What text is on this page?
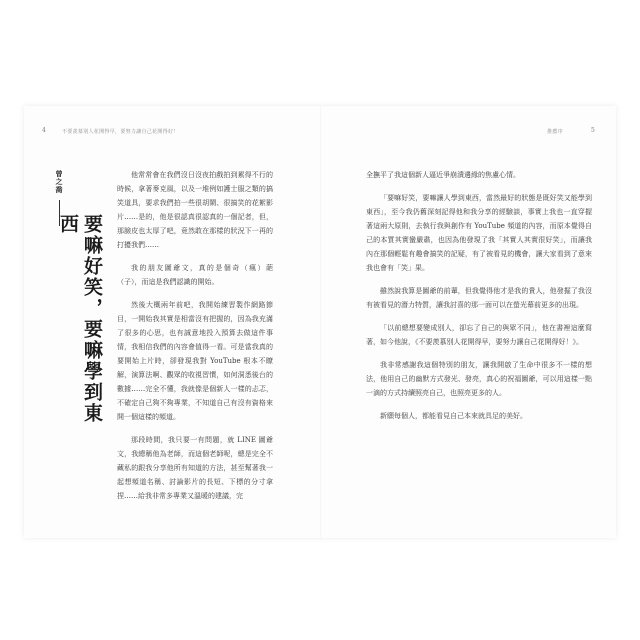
4	不要羨慕別人花開得早，要努力讓自己花開得好！
曾之喬
要嘛好笑，要嘛學到東西

他常常會在我們沒日沒夜拍戲拍到累得不行的時候，拿著麥克風，以及一堆例如護士服之類的搞笑道具，要求我們拍一些很胡鬧、很搞笑的花絮影片……是的，他是很認真很認真的一個記者，但，那臉皮也太厚了吧，竟然敢在那樣的狀況下一再的打擾我們……

我的朋友圖爺文，真的是個奇（瘋）葩（子），而這是我們認識的開始。

然後大概兩年前吧，我開始練習製作網路節目，一開始我其實是相當沒有把握的，因為我充滿了很多的心思，也有誠意地投入預算去做這件事情，我相信我們的內容會值得一看。可是當我真的要開始上片時，卻發現我對 YouTube 根本不瞭解，演算法啊、觀眾的收視習慣，如何洞悉後台的數據……完全不懂，我就像是個新人一樣的忐忑，不確定自己夠不夠專業，不知道自己有沒有資格來開一個這樣的頻道。

那段時間，我只要一有問題，就 LINE 圖爺文，我總稱他為老師，而這個老師呢，總是完全不藏私的跟我分享他所有知道的方法，甚至幫著我一起想頻道名稱、討論影片的長短、下標的分寸拿捏……給我非常多專業又溫暖的建議，完

推薦序	5

全撫平了我這個新人逼近爭崩潰邊緣的焦慮心情。

「要嘛好笑，要嘛讓人學到東西，當然最好的狀態是既好笑又能學到東西」，至今我仍舊深刻記得他和我分享的經驗談，事實上我也一直穿握著這兩大原則，去執行我與創作有 YouTube 頻道的內容，而原本覺得自己的本質其實蠻嚴肅，也因為他發現了我「其實人其實很好笑」，而讓我內在那個輕鬆有趣會搞笑的記疑，有了被看見的機會，讓大家看到了意來我也會有「笑」果。

雖然說我算是圖爺的前輩，但我覺得他才是我的貴人，他發掘了我沒有被看見的潛力特質，讓我討喜的那一面可以在螢光幕前更多的出現。

「以前總想要變成別人，卻忘了自己的與眾不同」，他在書裡這麼寫著，如今他說，《不要羨慕別人花開得早，要努力讓自己花開得好！》。

我非常感謝我這個特別的朋友，讓我開啟了生命中很多不一樣的想法，他用自己的幽默方式發光、發亮，真心的祝福圖爺，可以用這樣一點一滴的方式持續照亮自己，也照亮更多的人。

新願每個人，都能看見自己本來就具足的美好。
